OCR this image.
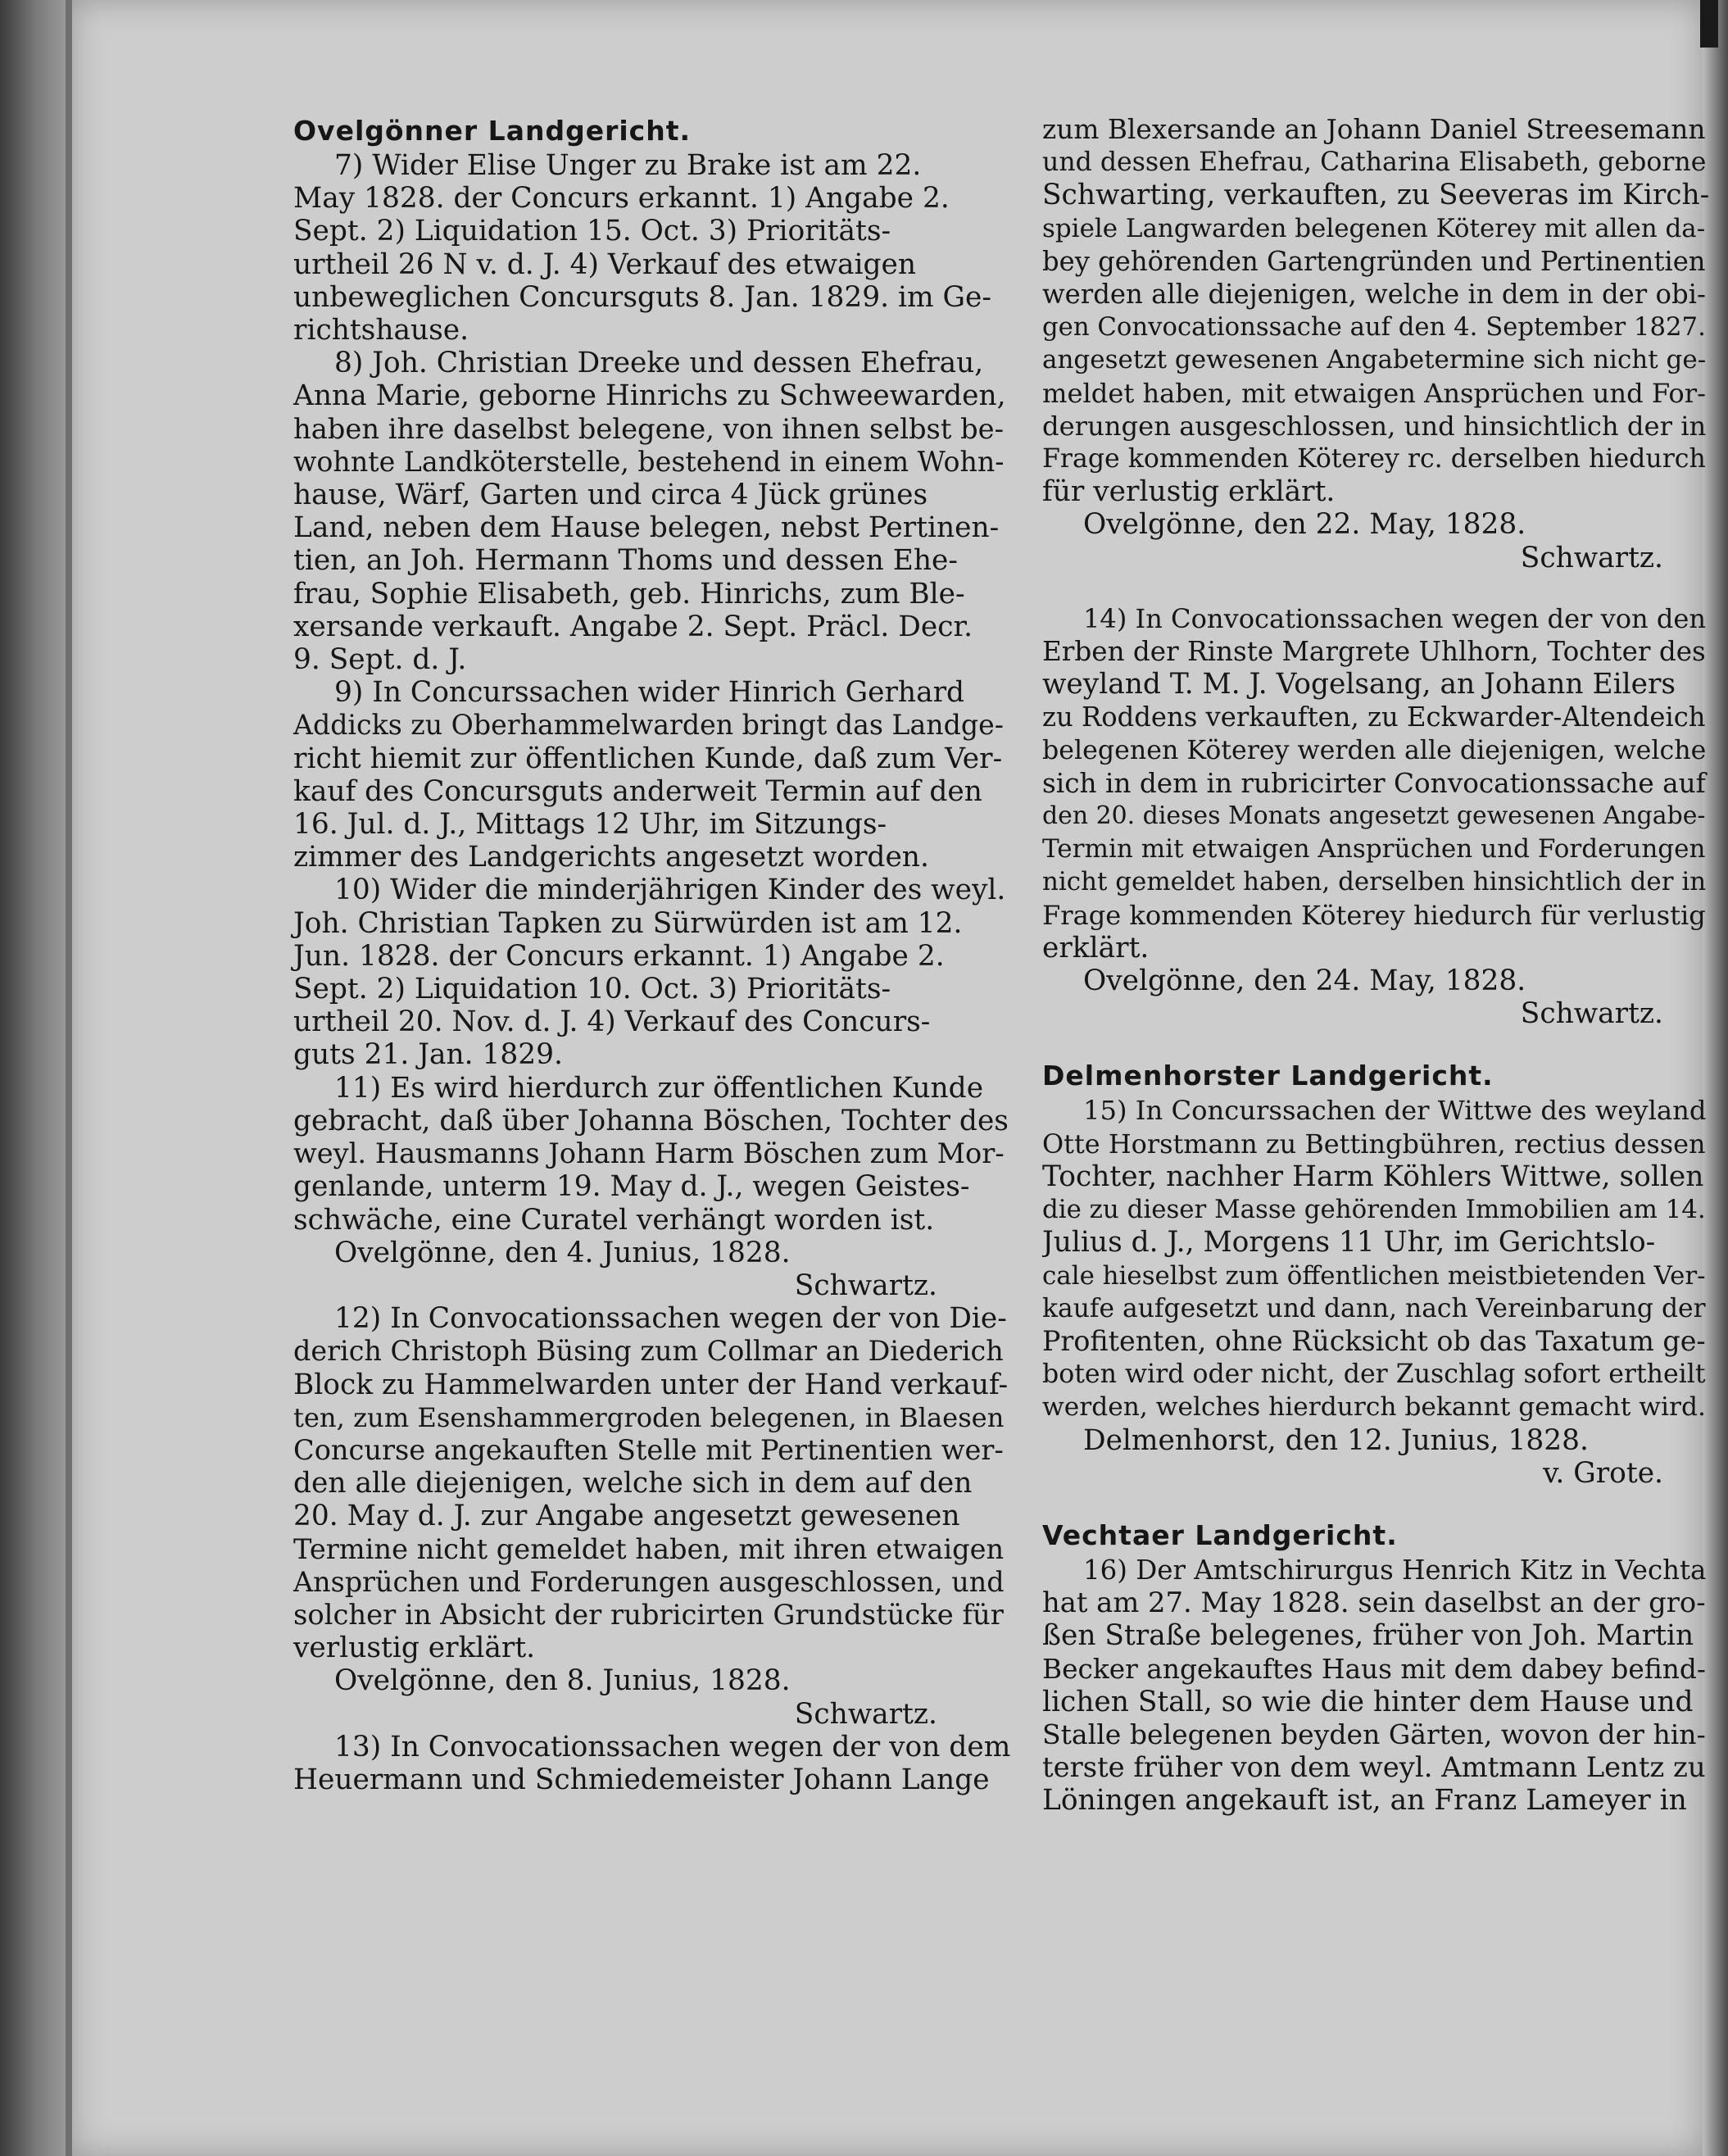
Ovelgönner Landgericht.
7) Wider Elise Unger zu Brake ist am 22.
May 1828. der Concurs erkannt. 1) Angabe 2.
Sept. 2) Liquidation 15. Oct. 3) Prioritäts-
urtheil 26 N v. d. J. 4) Verkauf des etwaigen
unbeweglichen Concursguts 8. Jan. 1829. im Ge-
richtshause.
8) Joh. Christian Dreeke und dessen Ehefrau,
Anna Marie, geborne Hinrichs zu Schweewarden,
haben ihre daselbst belegene, von ihnen selbst be-
wohnte Landköterstelle, bestehend in einem Wohn-
hause, Wärf, Garten und circa 4 Jück grünes
Land, neben dem Hause belegen, nebst Pertinen-
tien, an Joh. Hermann Thoms und dessen Ehe-
frau, Sophie Elisabeth, geb. Hinrichs, zum Ble-
xersande verkauft. Angabe 2. Sept. Präcl. Decr.
9. Sept. d. J.
9) In Concurssachen wider Hinrich Gerhard
Addicks zu Oberhammelwarden bringt das Landge-
richt hiemit zur öffentlichen Kunde, daß zum Ver-
kauf des Concursguts anderweit Termin auf den
16. Jul. d. J., Mittags 12 Uhr, im Sitzungs-
zimmer des Landgerichts angesetzt worden.
10) Wider die minderjährigen Kinder des weyl.
Joh. Christian Tapken zu Sürwürden ist am 12.
Jun. 1828. der Concurs erkannt. 1) Angabe 2.
Sept. 2) Liquidation 10. Oct. 3) Prioritäts-
urtheil 20. Nov. d. J. 4) Verkauf des Concurs-
guts 21. Jan. 1829.
11) Es wird hierdurch zur öffentlichen Kunde
gebracht, daß über Johanna Böschen, Tochter des
weyl. Hausmanns Johann Harm Böschen zum Mor-
genlande, unterm 19. May d. J., wegen Geistes-
schwäche, eine Curatel verhängt worden ist.

Ovelgönne, den 4. Junius, 1828.

Schwartz.

12) In Convocationssachen wegen der von Die-
derich Christoph Büsing zum Collmar an Diederich
Block zu Hammelwarden unter der Hand verkauf-
ten, zum Esenshammergroden belegenen, in Blaesen
Concurse angekauften Stelle mit Pertinentien wer-
den alle diejenigen, welche sich in dem auf den
20. May d. J. zur Angabe angesetzt gewesenen
Termine nicht gemeldet haben, mit ihren etwaigen
Ansprüchen und Forderungen ausgeschlossen, und
solcher in Absicht der rubricirten Grundstücke für
verlustig erklärt.

Ovelgönne, den 8. Junius, 1828.

Schwartz.

13) In Convocationssachen wegen der von dem
Heuermann und Schmiedemeister Johann Lange
zum Blexersande an Johann Daniel Streesemann
und dessen Ehefrau, Catharina Elisabeth, geborne
Schwarting, verkauften, zu Seeveras im Kirch-
spiele Langwarden belegenen Köterey mit allen da-
bey gehörenden Gartengründen und Pertinentien
werden alle diejenigen, welche in dem in der obi-
gen Convocationssache auf den 4. September 1827.
angesetzt gewesenen Angabetermine sich nicht ge-
meldet haben, mit etwaigen Ansprüchen und For-
derungen ausgeschlossen, und hinsichtlich der in
Frage kommenden Köterey rc. derselben hiedurch
für verlustig erklärt.

Ovelgönne, den 22. May, 1828.

Schwartz.

14) In Convocationssachen wegen der von den
Erben der Rinste Margrete Uhlhorn, Tochter des
weyland T. M. J. Vogelsang, an Johann Eilers
zu Roddens verkauften, zu Eckwarder-Altendeich
belegenen Köterey werden alle diejenigen, welche
sich in dem in rubricirter Convocationssache auf
den 20. dieses Monats angesetzt gewesenen Angabe-
Termin mit etwaigen Ansprüchen und Forderungen
nicht gemeldet haben, derselben hinsichtlich der in
Frage kommenden Köterey hiedurch für verlustig
erklärt.

Ovelgönne, den 24. May, 1828.

Schwartz.

Delmenhorster Landgericht.
15) In Concurssachen der Wittwe des weyland
Otte Horstmann zu Bettingbühren, rectius dessen
Tochter, nachher Harm Köhlers Wittwe, sollen
die zu dieser Masse gehörenden Immobilien am 14.
Julius d. J., Morgens 11 Uhr, im Gerichtslo-
cale hieselbst zum öffentlichen meistbietenden Ver-
kaufe aufgesetzt und dann, nach Vereinbarung der
Profitenten, ohne Rücksicht ob das Taxatum ge-
boten wird oder nicht, der Zuschlag sofort ertheilt
werden, welches hierdurch bekannt gemacht wird.

Delmenhorst, den 12. Junius, 1828.

v. Grote.

Vechtaer Landgericht.
16) Der Amtschirurgus Henrich Kitz in Vechta
hat am 27. May 1828. sein daselbst an der gro-
ßen Straße belegenes, früher von Joh. Martin
Becker angekauftes Haus mit dem dabey befind-
lichen Stall, so wie die hinter dem Hause und
Stalle belegenen beyden Gärten, wovon der hin-
terste früher von dem weyl. Amtmann Lentz zu
Löningen angekauft ist, an Franz Lameyer in
